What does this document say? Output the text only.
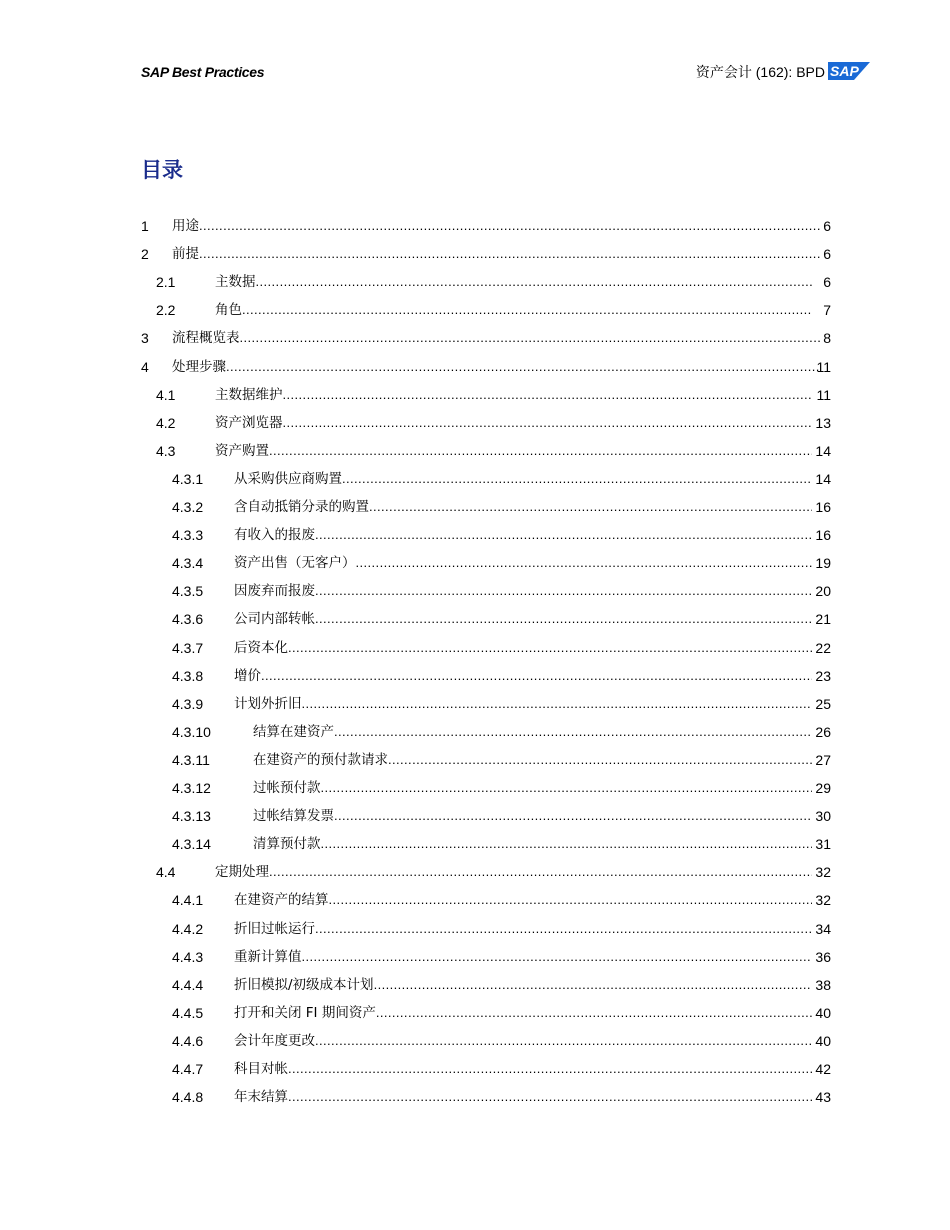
SAP Best Practices	资产会计 (162): BPD SAP
目录
1 用途 .....	6
2 前提 .....	6
2.1	主数据 .....	6
2.2	角色 .....	7
3 流程概览表 .....	8
4 处理步骤 .....	11
4.1	主数据维护 .....	11
4.2	资产浏览器 .....	13
4.3	资产购置 .....	14
4.3.1 从采购供应商购置 .....	14
4.3.2 含自动抵销分录的购置 .....	16
4.3.3 有收入的报废 .....	16
4.3.4 资产出售（无客户） .....	19
4.3.5 因废弃而报废 .....	20
4.3.6 公司内部转帐 .....	21
4.3.7 后资本化 .....	22
4.3.8 增价 .....	23
4.3.9 计划外折旧 .....	25
4.3.10	结算在建资产 .....	26
4.3.11	在建资产的预付款请求 .....	27
4.3.12	过帐预付款 .....	29
4.3.13	过帐结算发票 .....	30
4.3.14	清算预付款 .....	31
4.4	定期处理 .....	32
4.4.1 在建资产的结算 .....	32
4.4.2 折旧过帐运行 .....	34
4.4.3 重新计算值 .....	36
4.4.4 折旧模拟/初级成本计划 .....	38
4.4.5 打开和关闭 FI 期间资产 .....	40
4.4.6 会计年度更改 .....	40
4.4.7 科目对帐 .....	42
4.4.8 年末结算 .....	43
